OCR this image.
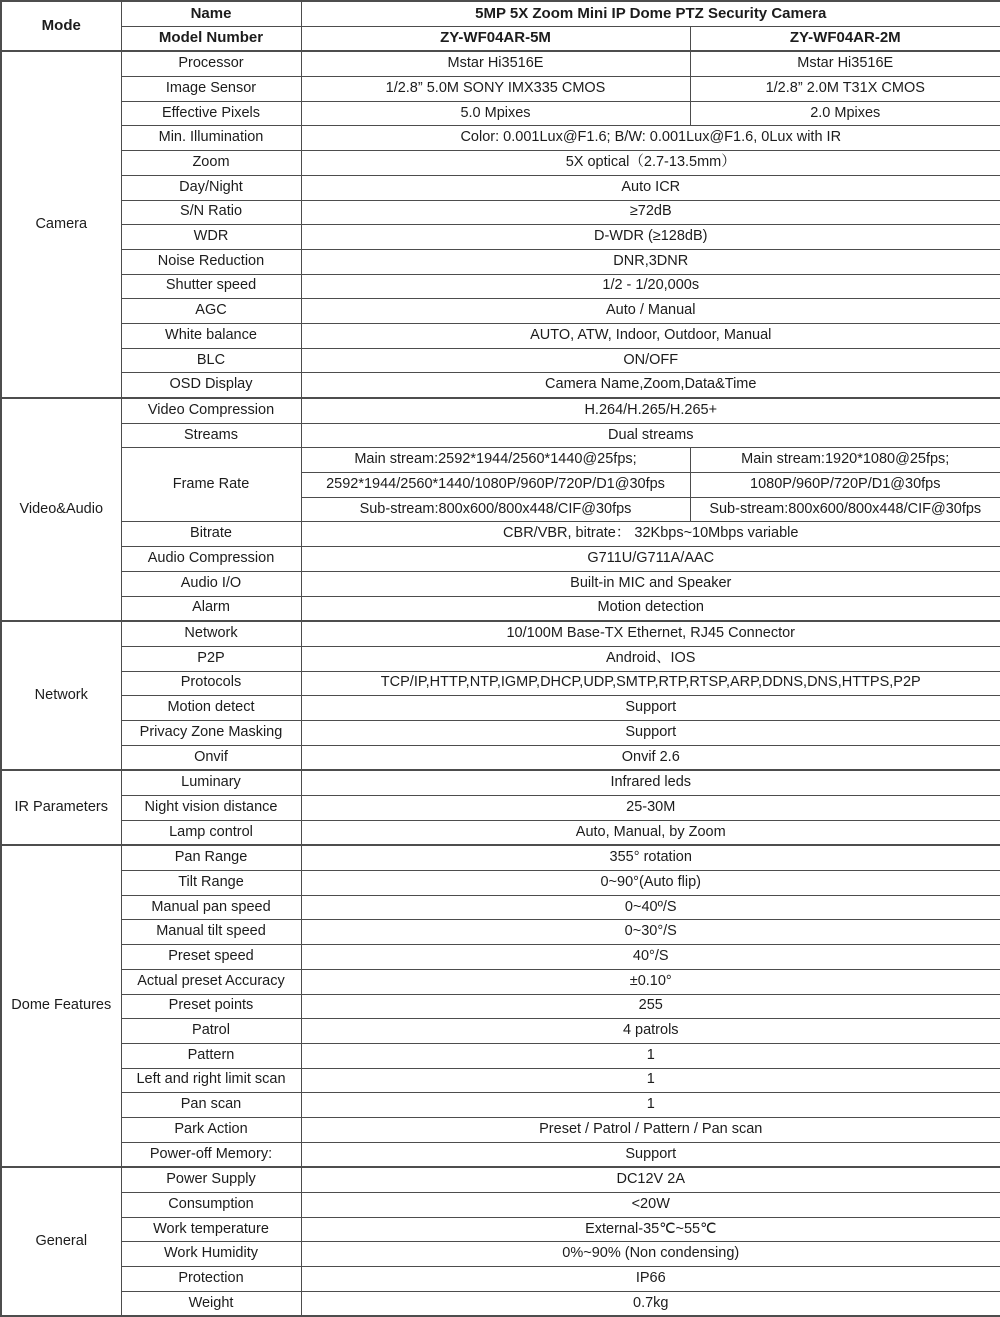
Mode	Name	5MP 5X Zoom Mini IP Dome PTZ Security Camera	
	Model Number	ZY-WF04AR-5M	ZY-WF04AR-2M
Camera	Processor	Mstar Hi3516E	Mstar Hi3516E
	Image Sensor	1/2.8” 5.0M SONY IMX335 CMOS	1/2.8” 2.0M T31X CMOS
	Effective Pixels	5.0 Mpixes	2.0 Mpixes
	Min. Illumination	Color: 0.001Lux@F1.6; B/W: 0.001Lux@F1.6, 0Lux with IR	
	Zoom	5X optical（2.7-13.5mm）	
	Day/Night	Auto ICR	
	S/N Ratio	≥72dB	
	WDR	D-WDR (≥128dB)	
	Noise Reduction	DNR,3DNR	
	Shutter speed	1/2 - 1/20,000s	
	AGC	Auto / Manual	
	White balance	AUTO, ATW, Indoor, Outdoor, Manual	
	BLC	ON/OFF	
	OSD Display	Camera Name,Zoom,Data&Time	
Video&Audio	Video Compression	H.264/H.265/H.265+	
	Streams	Dual streams	
	Frame Rate	Main stream:2592*1944/2560*1440@25fps;	Main stream:1920*1080@25fps;
		2592*1944/2560*1440/1080P/960P/720P/D1@30fps	1080P/960P/720P/D1@30fps
		Sub-stream:800x600/800x448/CIF@30fps	Sub-stream:800x600/800x448/CIF@30fps
	Bitrate	CBR/VBR, bitrate： 32Kbps~10Mbps variable	
	Audio Compression	G711U/G711A/AAC	
	Audio I/O	Built-in MIC and Speaker	
	Alarm	Motion detection	
Network	Network	10/100M Base-TX Ethernet, RJ45 Connector	
	P2P	Android、IOS	
	Protocols	TCP/IP,HTTP,NTP,IGMP,DHCP,UDP,SMTP,RTP,RTSP,ARP,DDNS,DNS,HTTPS,P2P	
	Motion detect	Support	
	Privacy Zone Masking	Support	
	Onvif	Onvif 2.6	
IR Parameters	Luminary	Infrared leds	
	Night vision distance	25-30M	
	Lamp control	Auto, Manual, by Zoom	
Dome Features	Pan Range	355° rotation	
	Tilt Range	0~90°(Auto flip)	
	Manual pan speed	0~40º/S	
	Manual tilt speed	0~30°/S	
	Preset speed	40°/S	
	Actual preset Accuracy	±0.10°	
	Preset points	255	
	Patrol	4 patrols	
	Pattern	1	
	Left and right limit scan	1	
	Pan scan	1	
	Park Action	Preset / Patrol / Pattern / Pan scan	
	Power-off Memory:	Support	
General	Power Supply	DC12V 2A	
	Consumption	<20W	
	Work temperature	External-35℃~55℃	
	Work Humidity	0%~90% (Non condensing)	
	Protection	IP66	
	Weight	0.7kg	
